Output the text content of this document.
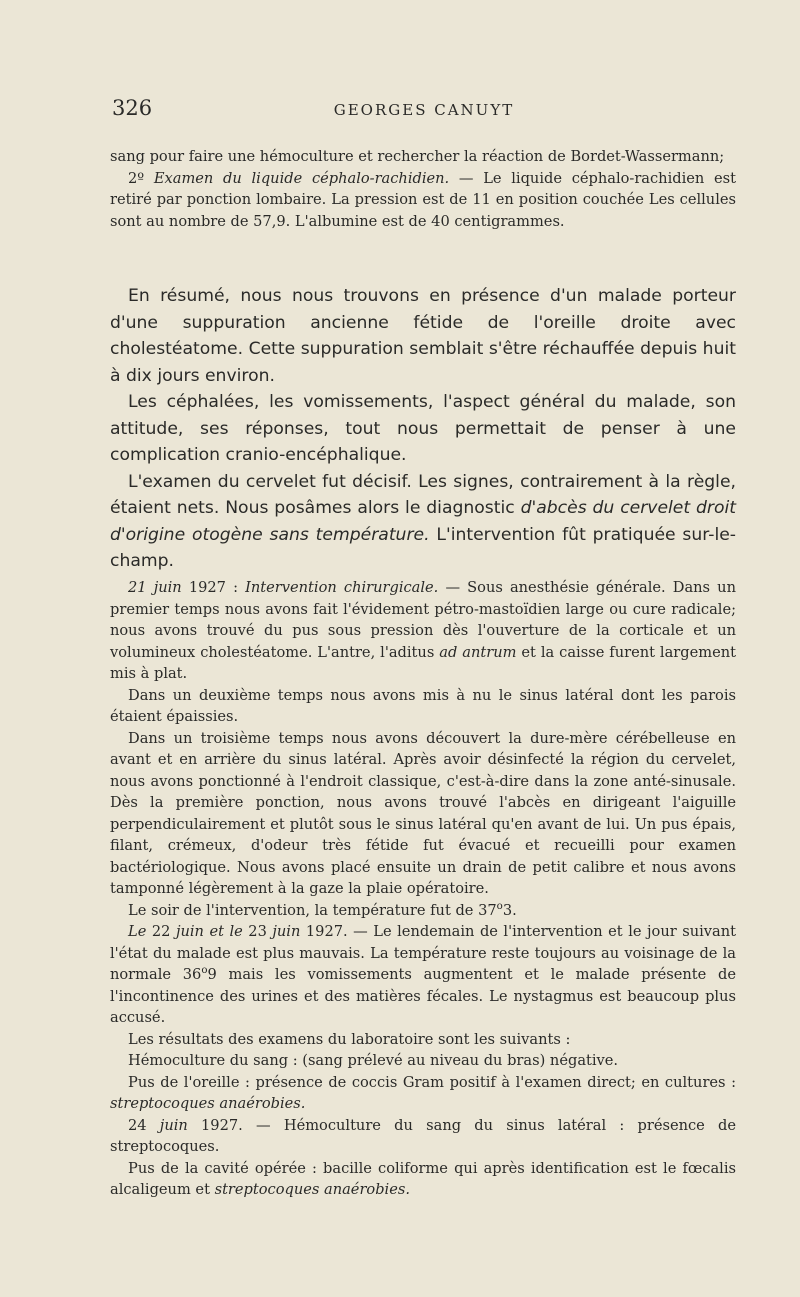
326	GEORGES CANUYT

sang pour faire une hémoculture et rechercher la réaction de Bordet-Wassermann;

2º Examen du liquide céphalo-rachidien. — Le liquide céphalo-rachidien est retiré par ponction lombaire. La pression est de 11 en position couchée Les cellules sont au nombre de 57,9. L'albumine est de 40 centigrammes.

En résumé, nous nous trouvons en présence d'un malade porteur d'une suppuration ancienne fétide de l'oreille droite avec cholestéatome. Cette suppuration semblait s'être réchauffée depuis huit à dix jours environ.

Les céphalées, les vomissements, l'aspect général du malade, son attitude, ses réponses, tout nous permettait de penser à une complication cranio-encéphalique.

L'examen du cervelet fut décisif. Les signes, contrairement à la règle, étaient nets. Nous posâmes alors le diagnostic d'abcès du cervelet droit d'origine otogène sans température. L'intervention fût pratiquée sur-le-champ.

21 juin 1927 : Intervention chirurgicale. — Sous anesthésie générale. Dans un premier temps nous avons fait l'évidement pétro-mastoïdien large ou cure radicale; nous avons trouvé du pus sous pression dès l'ouverture de la corticale et un volumineux cholestéatome. L'antre, l'aditus ad antrum et la caisse furent largement mis à plat.

Dans un deuxième temps nous avons mis à nu le sinus latéral dont les parois étaient épaissies.

Dans un troisième temps nous avons découvert la dure-mère cérébelleuse en avant et en arrière du sinus latéral. Après avoir désinfecté la région du cervelet, nous avons ponctionné à l'endroit classique, c'est-à-dire dans la zone anté-sinusale. Dès la première ponction, nous avons trouvé l'abcès en dirigeant l'aiguille perpendiculairement et plutôt sous le sinus latéral qu'en avant de lui. Un pus épais, filant, crémeux, d'odeur très fétide fut évacué et recueilli pour examen bactériologique. Nous avons placé ensuite un drain de petit calibre et nous avons tamponné légèrement à la gaze la plaie opératoire.

Le soir de l'intervention, la température fut de 37$^o$3.

Le 22 juin et le 23 juin 1927. — Le lendemain de l'intervention et le jour suivant l'état du malade est plus mauvais. La température reste toujours au voisinage de la normale 36$^o$9 mais les vomissements augmentent et le malade présente de l'incontinence des urines et des matières fécales. Le nystagmus est beaucoup plus accusé.

Les résultats des examens du laboratoire sont les suivants :

Hémoculture du sang : (sang prélevé au niveau du bras) négative.

Pus de l'oreille : présence de coccis Gram positif à l'examen direct; en cultures : streptocoques anaérobies.

24 juin 1927. — Hémoculture du sang du sinus latéral : présence de streptocoques.

Pus de la cavité opérée : bacille coliforme qui après identification est le fœcalis alcaligeum et streptocoques anaérobies.
